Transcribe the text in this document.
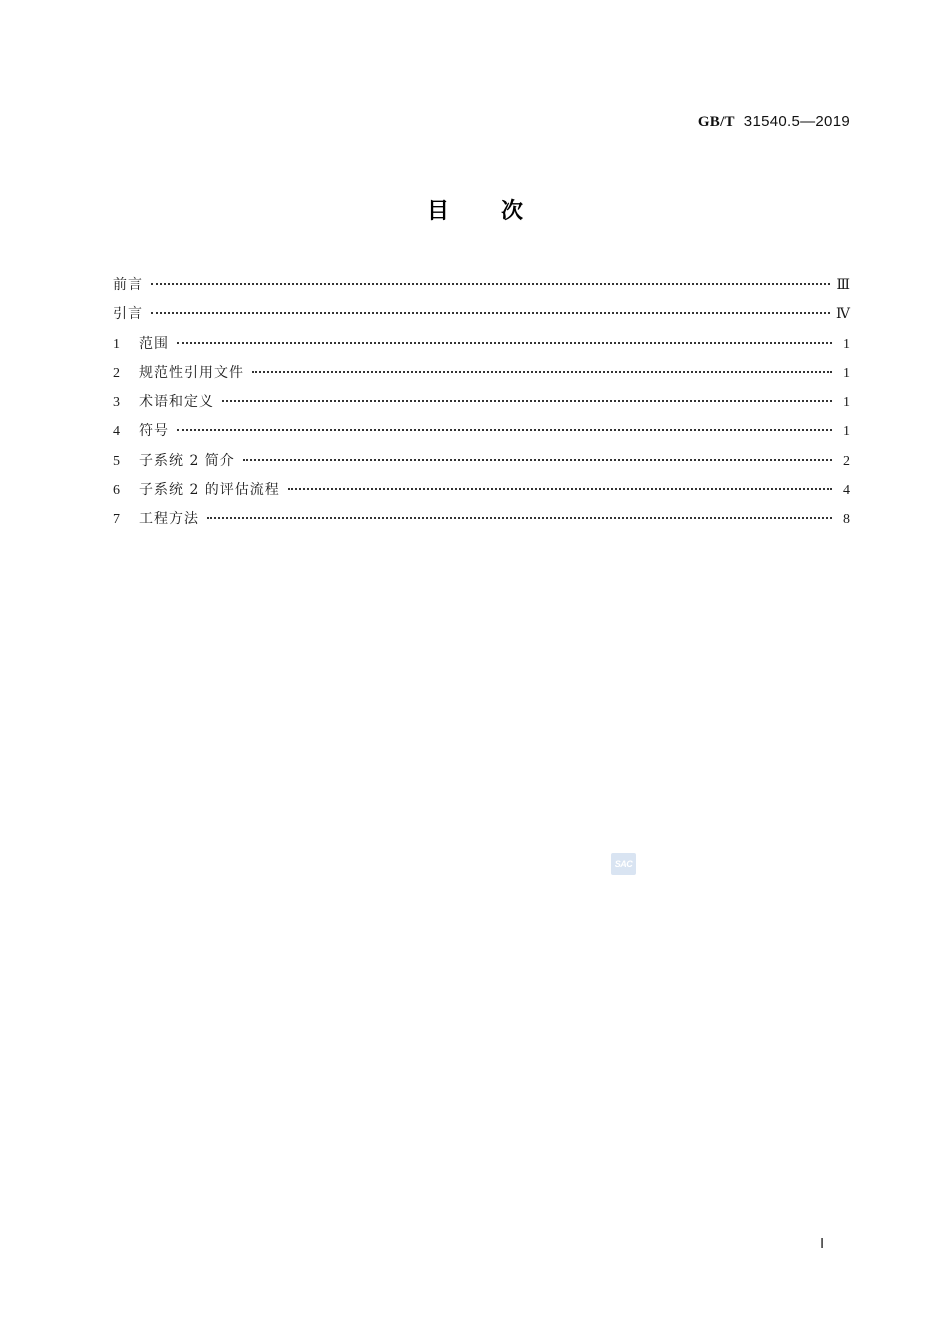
GB/T 31540.5—2019
目次
前言	Ⅲ
引言	Ⅳ
1	范围	1
2	规范性引用文件	1
3	术语和定义	1
4	符号	1
5	子系统 2 简介	2
6	子系统 2 的评估流程	4
7	工程方法	8
SAC
Ⅰ
